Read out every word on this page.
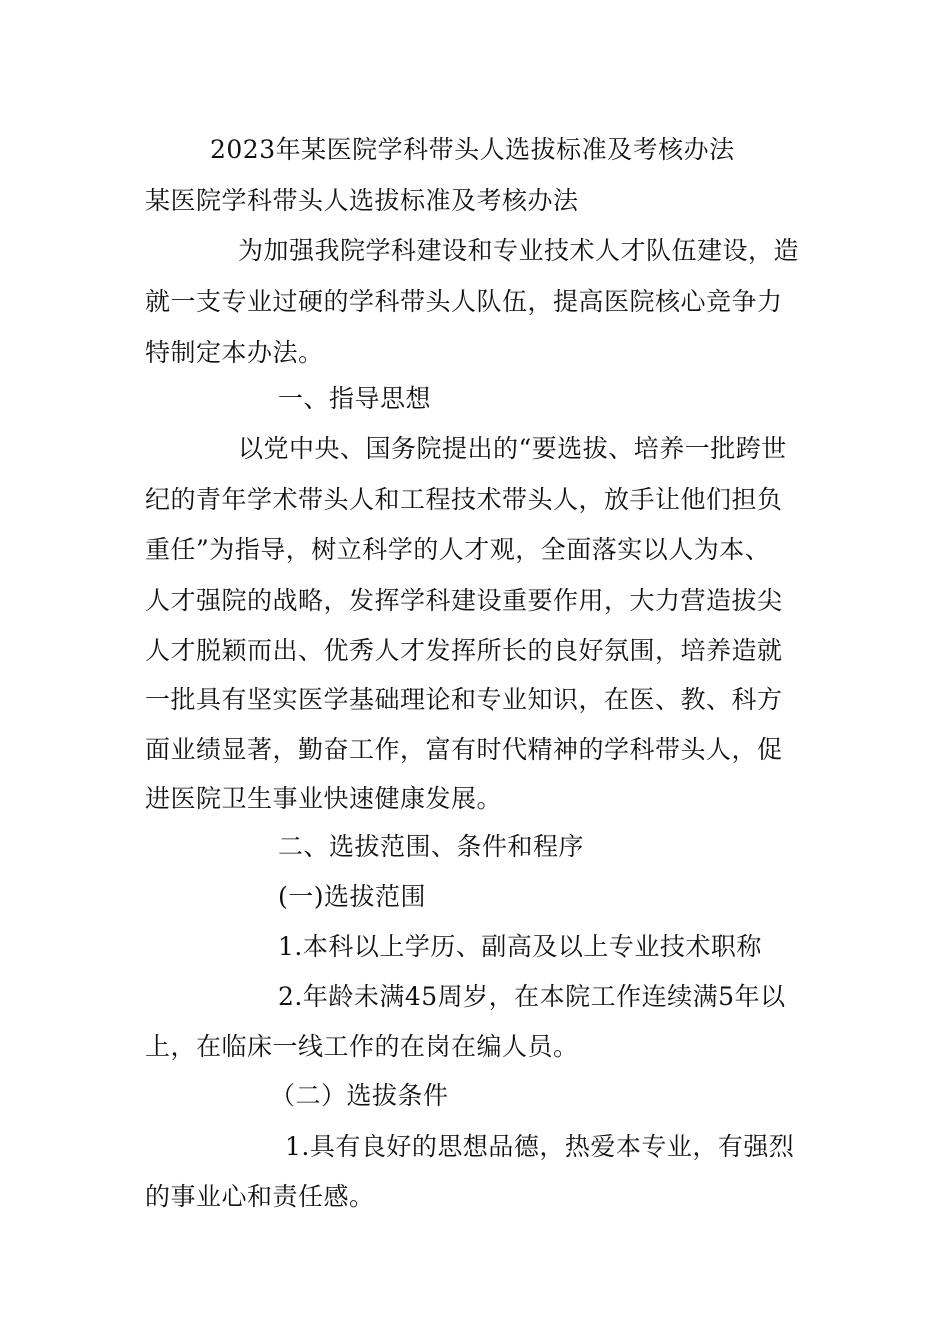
2023年某医院学科带头人选拔标准及考核办法
某医院学科带头人选拔标准及考核办法
为加强我院学科建设和专业技术人才队伍建设，造
就一支专业过硬的学科带头人队伍，提高医院核心竞争力
特制定本办法。
一、指导思想
以党中央、国务院提出的“要选拔、培养一批跨世
纪的青年学术带头人和工程技术带头人，放手让他们担负
重任”为指导，树立科学的人才观，全面落实以人为本、
人才强院的战略，发挥学科建设重要作用，大力营造拔尖
人才脱颖而出、优秀人才发挥所长的良好氛围，培养造就
一批具有坚实医学基础理论和专业知识，在医、教、科方
面业绩显著，勤奋工作，富有时代精神的学科带头人，促
进医院卫生事业快速健康发展。
二、选拔范围、条件和程序
(一)选拔范围
1.本科以上学历、副高及以上专业技术职称
2.年龄未满45周岁，在本院工作连续满5年以
上，在临床一线工作的在岗在编人员。
（二）选拔条件
1.具有良好的思想品德，热爱本专业，有强烈
的事业心和责任感。
